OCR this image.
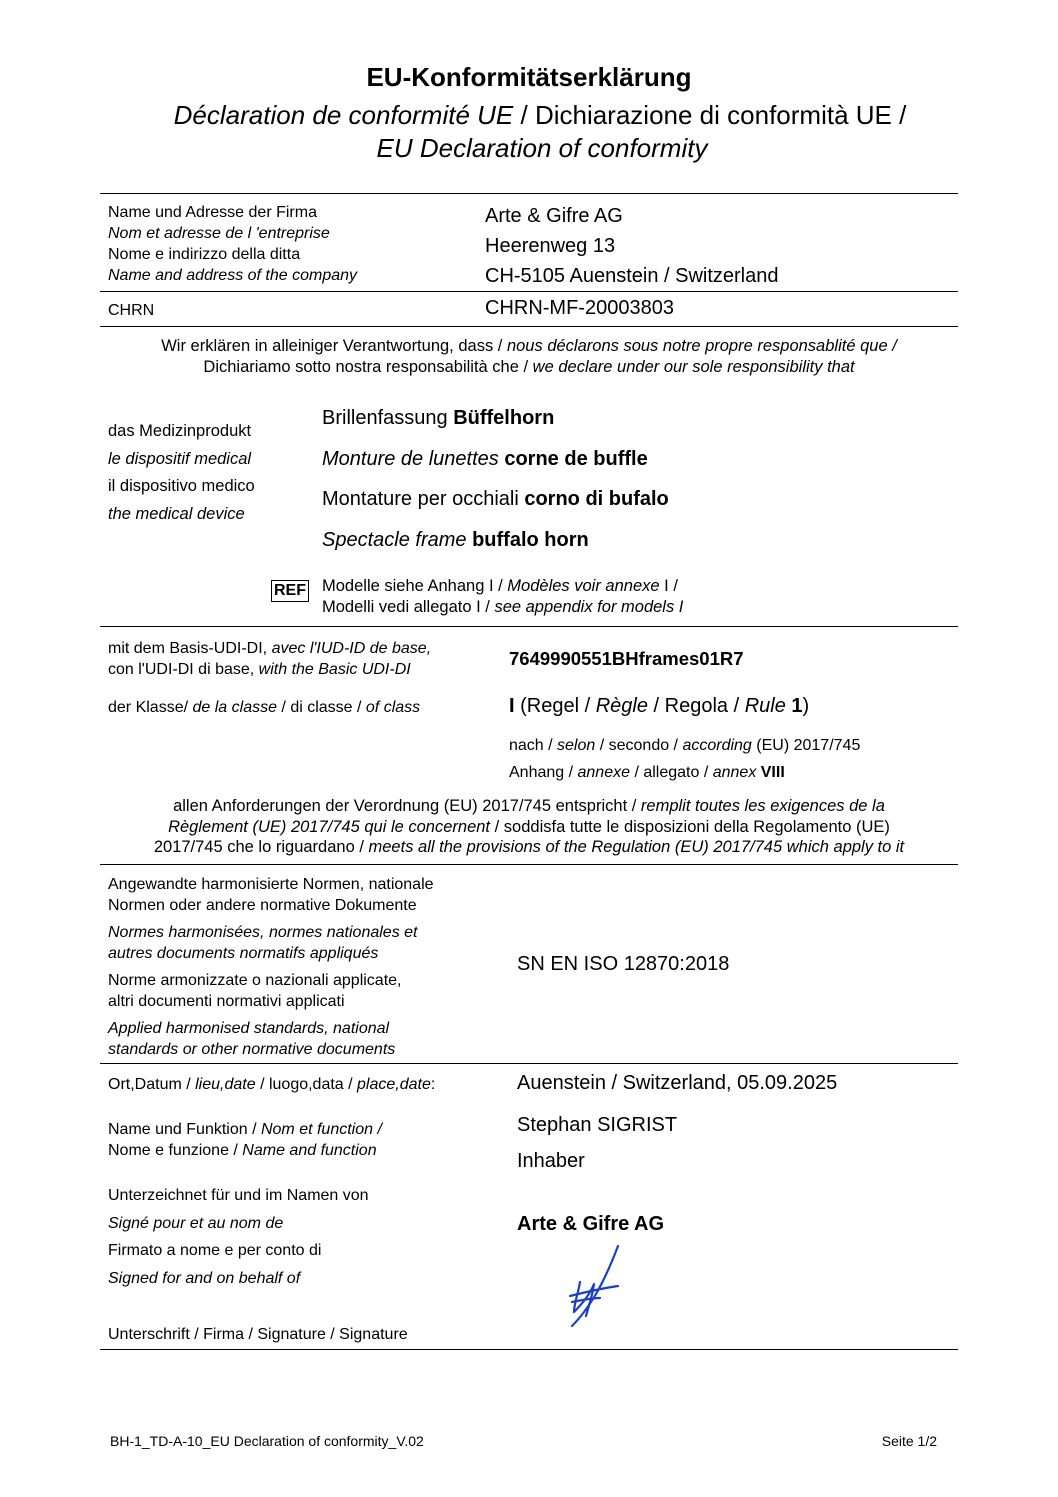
EU-Konformitätserklärung
Déclaration de conformité UE / Dichiarazione di conformità UE /
EU Declaration of conformity
Name und Adresse der Firma
Nom et adresse de l 'entreprise
Nome e indirizzo della ditta
Name and address of the company
Arte & Gifre AG
Heerenweg 13
CH-5105 Auenstein / Switzerland
CHRN	CHRN-MF-20003803
Wir erklären in alleiniger Verantwortung, dass / nous déclarons sous notre propre responsablité que /
Dichiariamo sotto nostra responsabilità che / we declare under our sole responsibility that
das Medizinprodukt
le dispositif medical
il dispositivo medico
the medical device
Brillenfassung Büffelhorn
Monture de lunettes corne de buffle
Montature per occhiali corno di bufalo
Spectacle frame buffalo horn
REF Modelle siehe Anhang I / Modèles voir annexe I /
Modelli vedi allegato I / see appendix for models I
mit dem Basis-UDI-DI, avec l'IUD-ID de base,
con l'UDI-DI di base, with the Basic UDI-DI
7649990551BHframes01R7
der Klasse/ de la classe / di classe / of class	I (Regel / Règle / Regola / Rule 1)
nach / selon / secondo / according (EU) 2017/745
Anhang / annexe / allegato / annex VIII
allen Anforderungen der Verordnung (EU) 2017/745 entspricht / remplit toutes les exigences de la
Règlement (UE) 2017/745 qui le concernent / soddisfa tutte le disposizioni della Regolamento (UE)
2017/745 che lo riguardano / meets all the provisions of the Regulation (EU) 2017/745 which apply to it
Angewandte harmonisierte Normen, nationale
Normen oder andere normative Dokumente
Normes harmonisées, normes nationales et
autres documents normatifs appliqués
Norme armonizzate o nazionali applicate,
altri documenti normativi applicati
Applied harmonised standards, national
standards or other normative documents
SN EN ISO 12870:2018
Ort,Datum / lieu,date / luogo,data / place,date:	Auenstein / Switzerland, 05.09.2025
Name und Funktion / Nom et function /
Nome e funzione / Name and function
Stephan SIGRIST
Inhaber
Unterzeichnet für und im Namen von
Signé pour et au nom de
Firmato a nome e per conto di
Signed for and on behalf of
Arte & Gifre AG
Unterschrift / Firma / Signature / Signature
BH-1_TD-A-10_EU Declaration of conformity_V.02	Seite 1/2
